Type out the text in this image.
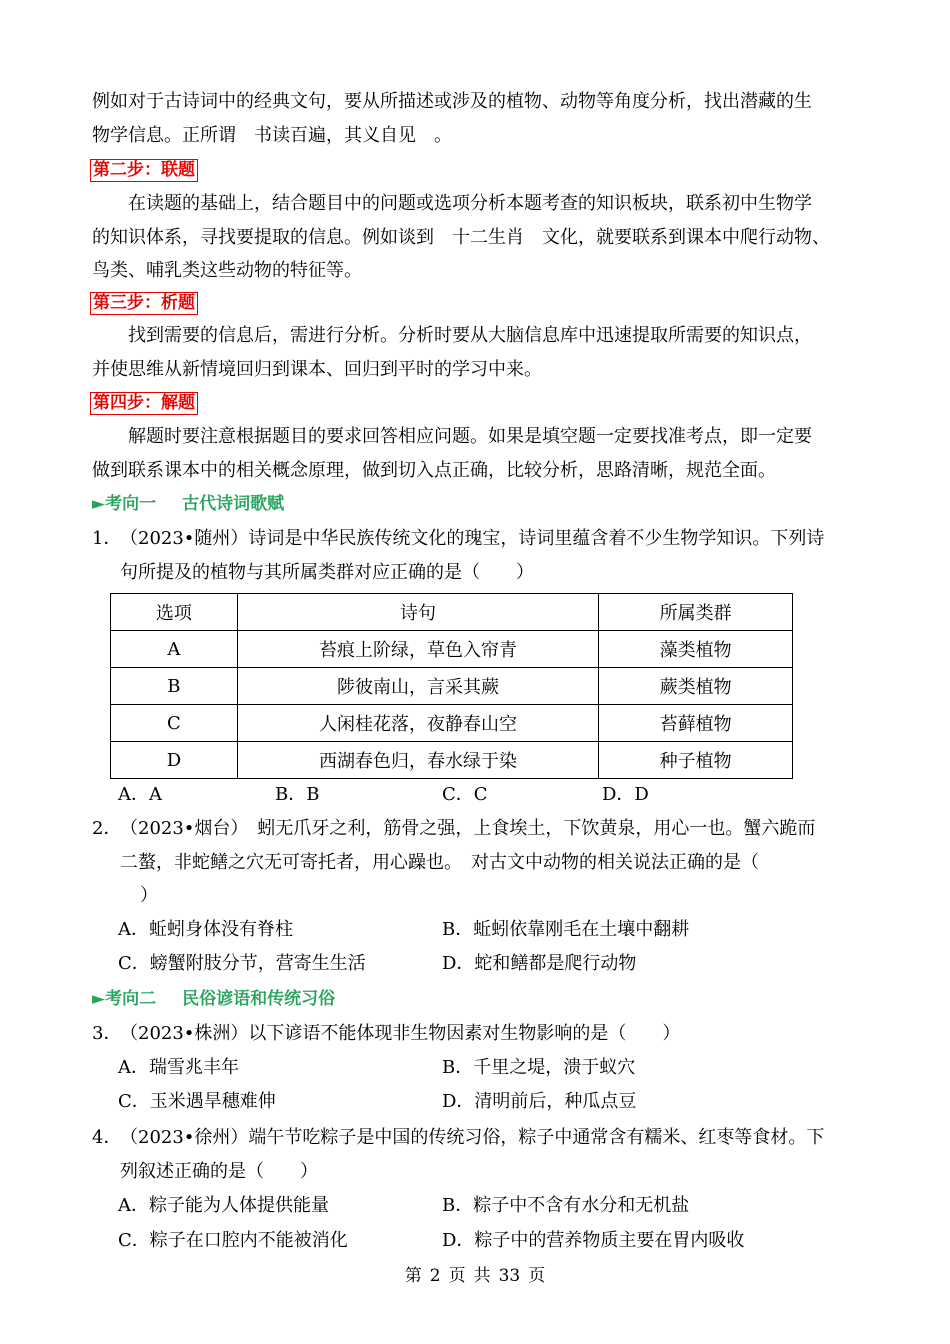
例如对于古诗词中的经典文句，要从所描述或涉及的植物、动物等角度分析，找出潜藏的生
物学信息。正所谓　书读百遍，其义自见　。
第二步：联题
在读题的基础上，结合题目中的问题或选项分析本题考查的知识板块，联系初中生物学
的知识体系，寻找要提取的信息。例如谈到　十二生肖　文化，就要联系到课本中爬行动物、
鸟类、哺乳类这些动物的特征等。
第三步：析题
找到需要的信息后，需进行分析。分析时要从大脑信息库中迅速提取所需要的知识点，
并使思维从新情境回归到课本、回归到平时的学习中来。
第四步：解题
解题时要注意根据题目的要求回答相应问题。如果是填空题一定要找准考点，即一定要
做到联系课本中的相关概念原理，做到切入点正确，比较分析，思路清晰，规范全面。
►考向一 古代诗词歌赋
1．
（2023•随州）诗词是中华民族传统文化的瑰宝，诗词里蕴含着不少生物学知识。下列诗
句所提及的植物与其所属类群对应正确的是（　　）
选项	诗句	所属类群
A	苔痕上阶绿，草色入帘青	藻类植物
B	陟彼南山，言采其蕨	蕨类植物
C	人闲桂花落，夜静春山空	苔藓植物
D	西湖春色归，春水绿于染	种子植物
A．A	B．B	C．C	D．D
2．
（2023•烟台）　蚓无爪牙之利，筋骨之强，上食埃土，下饮黄泉，用心一也。蟹六跪而
二螯，非蛇鳝之穴无可寄托者，用心躁也。　对古文中动物的相关说法正确的是（
）
A．蚯蚓身体没有脊柱	B．蚯蚓依靠刚毛在土壤中翻耕
C．螃蟹附肢分节，营寄生生活	D．蛇和鳝都是爬行动物
►考向二 民俗谚语和传统习俗
3．
（2023•株洲）以下谚语不能体现非生物因素对生物影响的是（　　）
A．瑞雪兆丰年	B．千里之堤，溃于蚁穴
C．玉米遇旱穗难伸	D．清明前后，种瓜点豆
4．
（2023•徐州）端午节吃粽子是中国的传统习俗，粽子中通常含有糯米、红枣等食材。下
列叙述正确的是（　　）
A．粽子能为人体提供能量	B．粽子中不含有水分和无机盐
C．粽子在口腔内不能被消化	D．粽子中的营养物质主要在胃内吸收
第 2 页 共 33 页
